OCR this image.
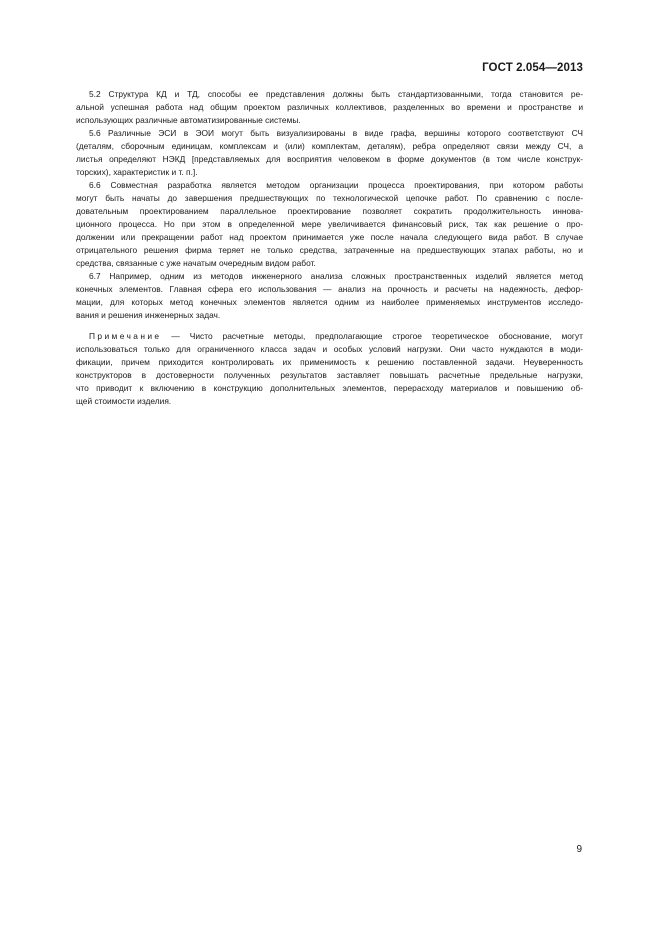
ГОСТ 2.054—2013
5.2 Структура КД и ТД, способы ее представления должны быть стандартизованными, тогда становится ре-
альной успешная работа над общим проектом различных коллективов, разделенных во времени и пространстве и
использующих различные автоматизированные системы.
5.6 Различные ЭСИ в ЭОИ могут быть визуализированы в виде графа, вершины которого соответствуют СЧ
(деталям, сборочным единицам, комплексам и (или) комплектам, деталям), ребра определяют связи между СЧ, а
листья определяют НЭКД [представляемых для восприятия человеком в форме документов (в том числе конструк-
торских), характеристик и т. п.].
6.6 Совместная разработка является методом организации процесса проектирования, при котором работы
могут быть начаты до завершения предшествующих по технологической цепочке работ. По сравнению с после-
довательным проектированием параллельное проектирование позволяет сократить продолжительность иннова-
ционного процесса. Но при этом в определенной мере увеличивается финансовый риск, так как решение о про-
должении или прекращении работ над проектом принимается уже после начала следующего вида работ. В случае
отрицательного решения фирма теряет не только средства, затраченные на предшествующих этапах работы, но и
средства, связанные с уже начатым очередным видом работ.
6.7 Например, одним из методов инженерного анализа сложных пространственных изделий является метод
конечных элементов. Главная сфера его использования — анализ на прочность и расчеты на надежность, дефор-
мации, для которых метод конечных элементов является одним из наиболее применяемых инструментов исследо-
вания и решения инженерных задач.
Примечание — Чисто расчетные методы, предполагающие строгое теоретическое обоснование, могут
использоваться только для ограниченного класса задач и особых условий нагрузки. Они часто нуждаются в моди-
фикации, причем приходится контролировать их применимость к решению поставленной задачи. Неуверенность
конструкторов в достоверности полученных результатов заставляет повышать расчетные предельные нагрузки,
что приводит к включению в конструкцию дополнительных элементов, перерасходу материалов и повышению об-
щей стоимости изделия.
9
